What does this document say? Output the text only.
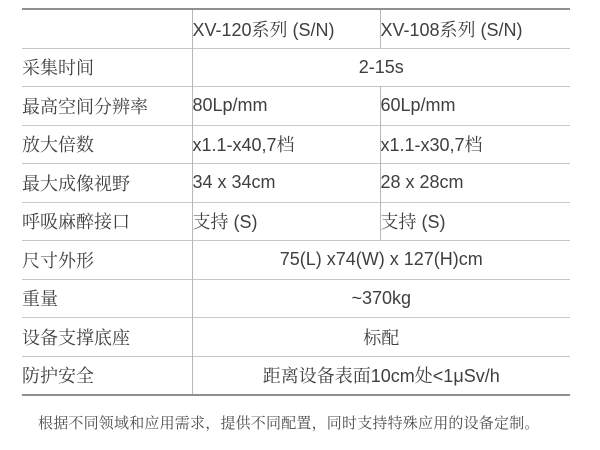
	XV-120系列 (S/N)	XV-108系列 (S/N)
采集时间	2-15s	
最高空间分辨率	80Lp/mm	60Lp/mm
放大倍数	x1.1-x40,7档	x1.1-x30,7档
最大成像视野	34 x 34cm	28 x 28cm
呼吸麻醉接口	支持 (S)	支持 (S)
尺寸外形	75(L) x74(W) x 127(H)cm	
重量	~370kg	
设备支撑底座	标配	
防护安全	距离设备表面10cm处<1μSv/h	
根据不同领域和应用需求，提供不同配置，同时支持特殊应用的设备定制。
